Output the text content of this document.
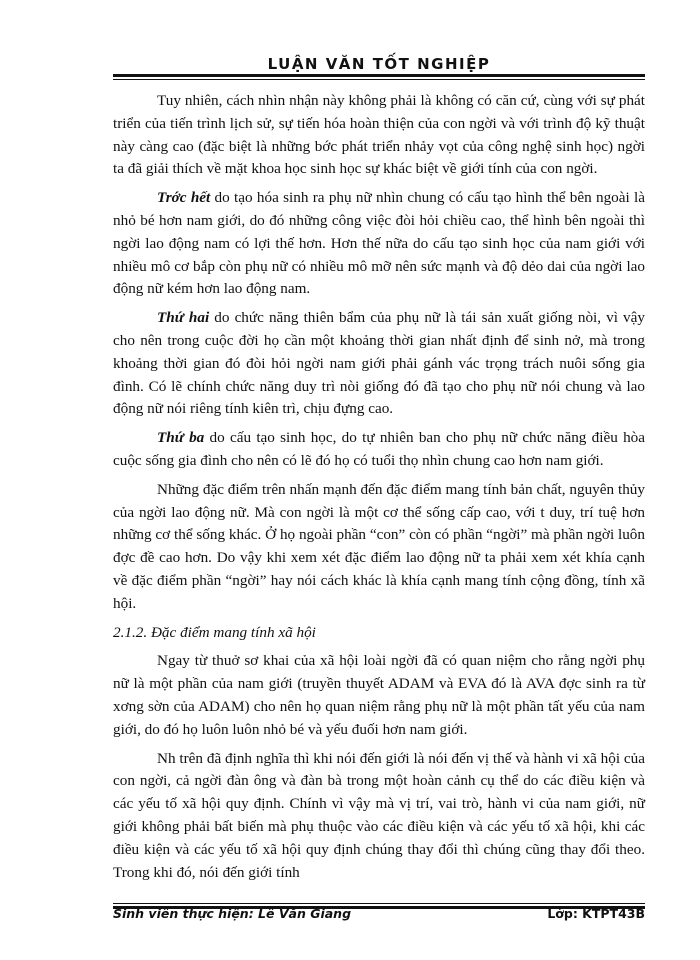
LUẬN VĂN TỐT NGHIỆP

Tuy nhiên, cách nhìn nhận này không phải là không có căn cứ, cùng với sự phát triển của tiến trình lịch sử, sự tiến hóa hoàn thiện của con ngời và với trình độ kỹ thuật này càng cao (đặc biệt là những bớc phát triển nhảy vọt của công nghệ sinh học) ngời ta đã giải thích về mặt khoa học sinh học sự khác biệt về giới tính của con ngời.

Trớc hết do tạo hóa sinh ra phụ nữ nhìn chung có cấu tạo hình thể bên ngoài là nhỏ bé hơn nam giới, do đó những công việc đòi hỏi chiều cao, thể hình bên ngoài thì ngời lao động nam có lợi thế hơn. Hơn thế nữa do cấu tạo sinh học của nam giới với nhiều mô cơ bắp còn phụ nữ có nhiều mô mỡ nên sức mạnh và độ dẻo dai của ngời lao động nữ kém hơn lao động nam.

Thứ hai do chức năng thiên bẩm của phụ nữ là tái sản xuất giống nòi, vì vậy cho nên trong cuộc đời họ cần một khoảng thời gian nhất định để sinh nở, mà trong khoảng thời gian đó đòi hỏi ngời nam giới phải gánh vác trọng trách nuôi sống gia đình. Có lẽ chính chức năng duy trì nòi giống đó đã tạo cho phụ nữ nói chung và lao động nữ nói riêng tính kiên trì, chịu đựng cao.

Thứ ba do cấu tạo sinh học, do tự nhiên ban cho phụ nữ chức năng điều hòa cuộc sống gia đình cho nên có lẽ đó họ có tuổi thọ nhìn chung cao hơn nam giới.

Những đặc điểm trên nhấn mạnh đến đặc điểm mang tính bản chất, nguyên thủy của ngời lao động nữ. Mà con ngời là một cơ thể sống cấp cao, với t duy, trí tuệ hơn những cơ thể sống khác. Ở họ ngoài phần “con” còn có phần “ngời” mà phần ngời luôn đợc đề cao hơn. Do vậy khi xem xét đặc điểm lao động nữ ta phải xem xét khía cạnh về đặc điểm phần “ngời” hay nói cách khác là khía cạnh mang tính cộng đồng, tính xã hội.

2.1.2. Đặc điểm mang tính xã hội

Ngay từ thuở sơ khai của xã hội loài ngời đã có quan niệm cho rằng ngời phụ nữ là một phần của nam giới (truyền thuyết ADAM và EVA đó là AVA đợc sinh ra từ xơng sờn của ADAM) cho nên họ quan niệm rằng phụ nữ là một phần tất yếu của nam giới, do đó họ luôn luôn nhỏ bé và yếu đuối hơn nam giới.

Nh trên đã định nghĩa thì khi nói đến giới là nói đến vị thế và hành vi xã hội của con ngời, cả ngời đàn ông và đàn bà trong một hoàn cảnh cụ thể do các điều kiện và các yếu tố xã hội quy định. Chính vì vậy mà vị trí, vai trò, hành vi của nam giới, nữ giới không phải bất biến mà phụ thuộc vào các điều kiện và các yếu tố xã hội, khi các điều kiện và các yếu tố xã hội quy định chúng thay đổi thì chúng cũng thay đổi theo. Trong khi đó, nói đến giới tính

Sinh viên thực hiện: Lê Văn Giang	Lớp: KTPT43B
